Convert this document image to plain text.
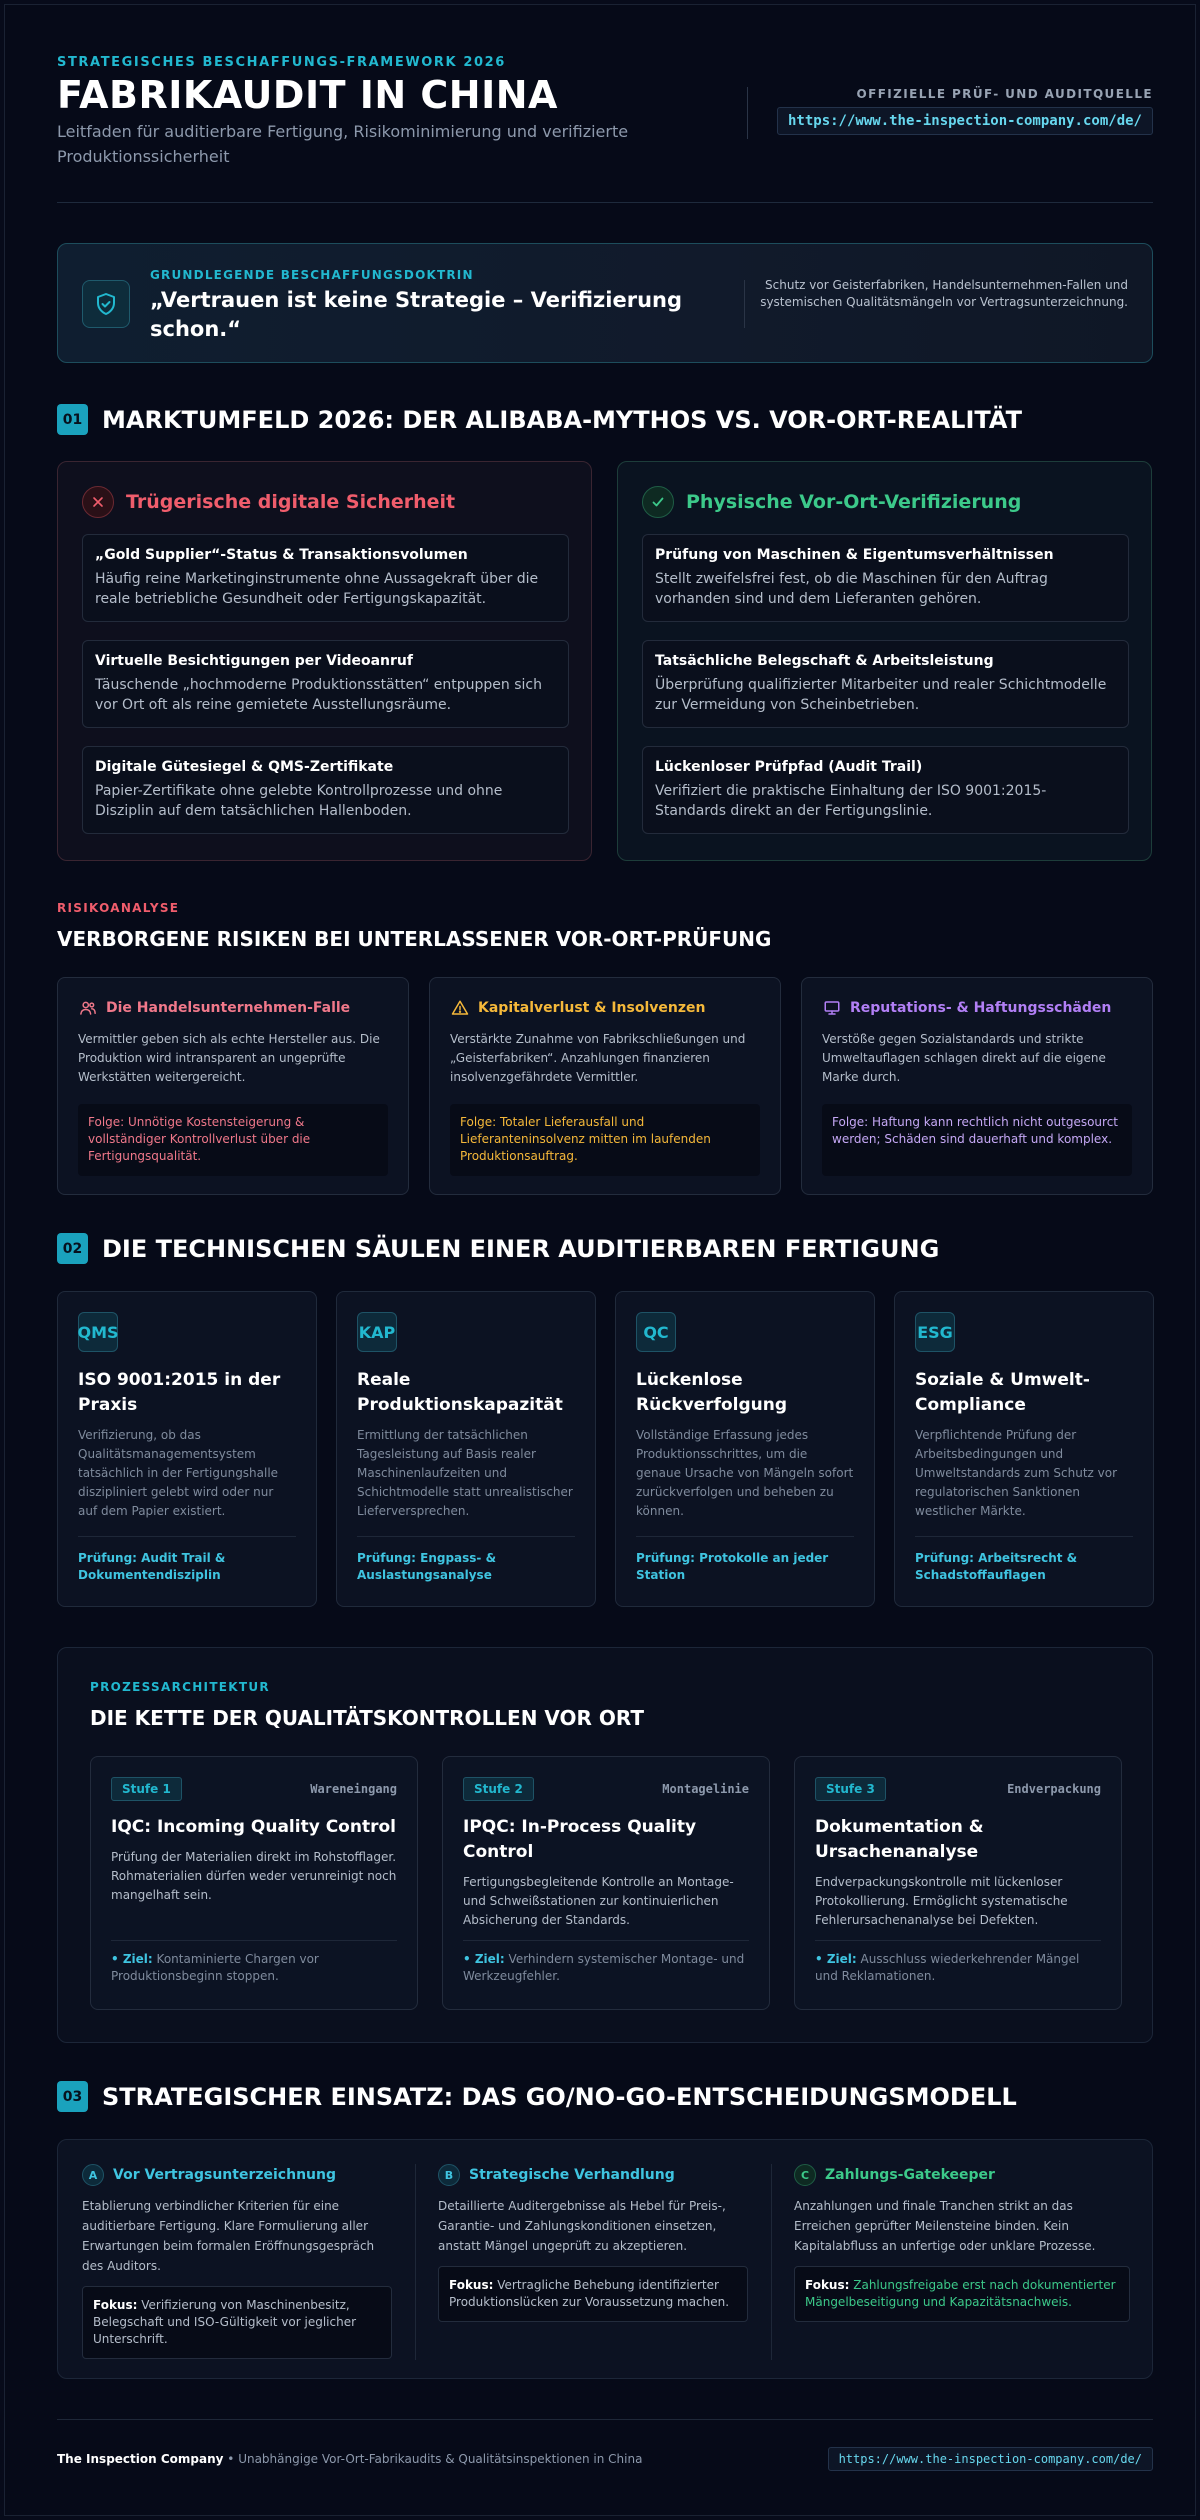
STRATEGISCHES BESCHAFFUNGS-FRAMEWORK 2026
FABRIKAUDIT IN CHINA
Leitfaden für auditierbare Fertigung, Risikominimierung und verifizierte Produktionssicherheit
OFFIZIELLE PRÜF- UND AUDITQUELLE
https://www.the-inspection-company.com/de/
GRUNDLEGENDE BESCHAFFUNGSDOKTRIN
„Vertrauen ist keine Strategie – Verifizierung schon.“
Schutz vor Geisterfabriken, Handelsunternehmen-Fallen und systemischen Qualitätsmängeln vor Vertragsunterzeichnung.
01 MARKTUMFELD 2026: DER ALIBABA-MYTHOS VS. VOR-ORT-REALITÄT
Trügerische digitale Sicherheit
„Gold Supplier“-Status & Transaktionsvolumen
Häufig reine Marketinginstrumente ohne Aussagekraft über die reale betriebliche Gesundheit oder Fertigungskapazität.
Virtuelle Besichtigungen per Videoanruf
Täuschende „hochmoderne Produktionsstätten“ entpuppen sich vor Ort oft als reine gemietete Ausstellungsräume.
Digitale Gütesiegel & QMS-Zertifikate
Papier-Zertifikate ohne gelebte Kontrollprozesse und ohne Disziplin auf dem tatsächlichen Hallenboden.
Physische Vor-Ort-Verifizierung
Prüfung von Maschinen & Eigentumsverhältnissen
Stellt zweifelsfrei fest, ob die Maschinen für den Auftrag vorhanden sind und dem Lieferanten gehören.
Tatsächliche Belegschaft & Arbeitsleistung
Überprüfung qualifizierter Mitarbeiter und realer Schichtmodelle zur Vermeidung von Scheinbetrieben.
Lückenloser Prüfpfad (Audit Trail)
Verifiziert die praktische Einhaltung der ISO 9001:2015-Standards direkt an der Fertigungslinie.
RISIKOANALYSE
VERBORGENE RISIKEN BEI UNTERLASSENER VOR-ORT-PRÜFUNG
Die Handelsunternehmen-Falle
Vermittler geben sich als echte Hersteller aus. Die Produktion wird intransparent an ungeprüfte Werkstätten weitergereicht.
Folge: Unnötige Kostensteigerung & vollständiger Kontrollverlust über die Fertigungsqualität.
Kapitalverlust & Insolvenzen
Verstärkte Zunahme von Fabrikschließungen und „Geisterfabriken“. Anzahlungen finanzieren insolvenzgefährdete Vermittler.
Folge: Totaler Lieferausfall und Lieferanteninsolvenz mitten im laufenden Produktionsauftrag.
Reputations- & Haftungsschäden
Verstöße gegen Sozialstandards und strikte Umweltauflagen schlagen direkt auf die eigene Marke durch.
Folge: Haftung kann rechtlich nicht outgesourct werden; Schäden sind dauerhaft und komplex.
02 DIE TECHNISCHEN SÄULEN EINER AUDITIERBAREN FERTIGUNG
QMS
ISO 9001:2015 in der Praxis
Verifizierung, ob das Qualitätsmanagementsystem tatsächlich in der Fertigungshalle diszipliniert gelebt wird oder nur auf dem Papier existiert.
Prüfung: Audit Trail & Dokumentendisziplin
KAP
Reale Produktionskapazität
Ermittlung der tatsächlichen Tagesleistung auf Basis realer Maschinenlaufzeiten und Schichtmodelle statt unrealistischer Lieferversprechen.
Prüfung: Engpass- & Auslastungsanalyse
QC
Lückenlose Rückverfolgung
Vollständige Erfassung jedes Produktionsschrittes, um die genaue Ursache von Mängeln sofort zurückverfolgen und beheben zu können.
Prüfung: Protokolle an jeder Station
ESG
Soziale & Umwelt-Compliance
Verpflichtende Prüfung der Arbeitsbedingungen und Umweltstandards zum Schutz vor regulatorischen Sanktionen westlicher Märkte.
Prüfung: Arbeitsrecht & Schadstoffauflagen
PROZESSARCHITEKTUR
DIE KETTE DER QUALITÄTSKONTROLLEN VOR ORT
Stufe 1	Wareneingang
IQC: Incoming Quality Control
Prüfung der Materialien direkt im Rohstofflager. Rohmaterialien dürfen weder verunreinigt noch mangelhaft sein.
• Ziel: Kontaminierte Chargen vor Produktionsbeginn stoppen.
Stufe 2	Montagelinie
IPQC: In-Process Quality Control
Fertigungsbegleitende Kontrolle an Montage- und Schweißstationen zur kontinuierlichen Absicherung der Standards.
• Ziel: Verhindern systemischer Montage- und Werkzeugfehler.
Stufe 3	Endverpackung
Dokumentation & Ursachenanalyse
Endverpackungskontrolle mit lückenloser Protokollierung. Ermöglicht systematische Fehlerursachenanalyse bei Defekten.
• Ziel: Ausschluss wiederkehrender Mängel und Reklamationen.
03 STRATEGISCHER EINSATZ: DAS GO/NO-GO-ENTSCHEIDUNGSMODELL
A	Vor Vertragsunterzeichnung
Etablierung verbindlicher Kriterien für eine auditierbare Fertigung. Klare Formulierung aller Erwartungen beim formalen Eröffnungsgespräch des Auditors.
Fokus: Verifizierung von Maschinenbesitz, Belegschaft und ISO-Gültigkeit vor jeglicher Unterschrift.
B	Strategische Verhandlung
Detaillierte Auditergebnisse als Hebel für Preis-, Garantie- und Zahlungskonditionen einsetzen, anstatt Mängel ungeprüft zu akzeptieren.
Fokus: Vertragliche Behebung identifizierter Produktionslücken zur Voraussetzung machen.
C	Zahlungs-Gatekeeper
Anzahlungen und finale Tranchen strikt an das Erreichen geprüfter Meilensteine binden. Kein Kapitalabfluss an unfertige oder unklare Prozesse.
Fokus: Zahlungsfreigabe erst nach dokumentierter Mängelbeseitigung und Kapazitätsnachweis.
The Inspection Company • Unabhängige Vor-Ort-Fabrikaudits & Qualitätsinspektionen in China	https://www.the-inspection-company.com/de/
